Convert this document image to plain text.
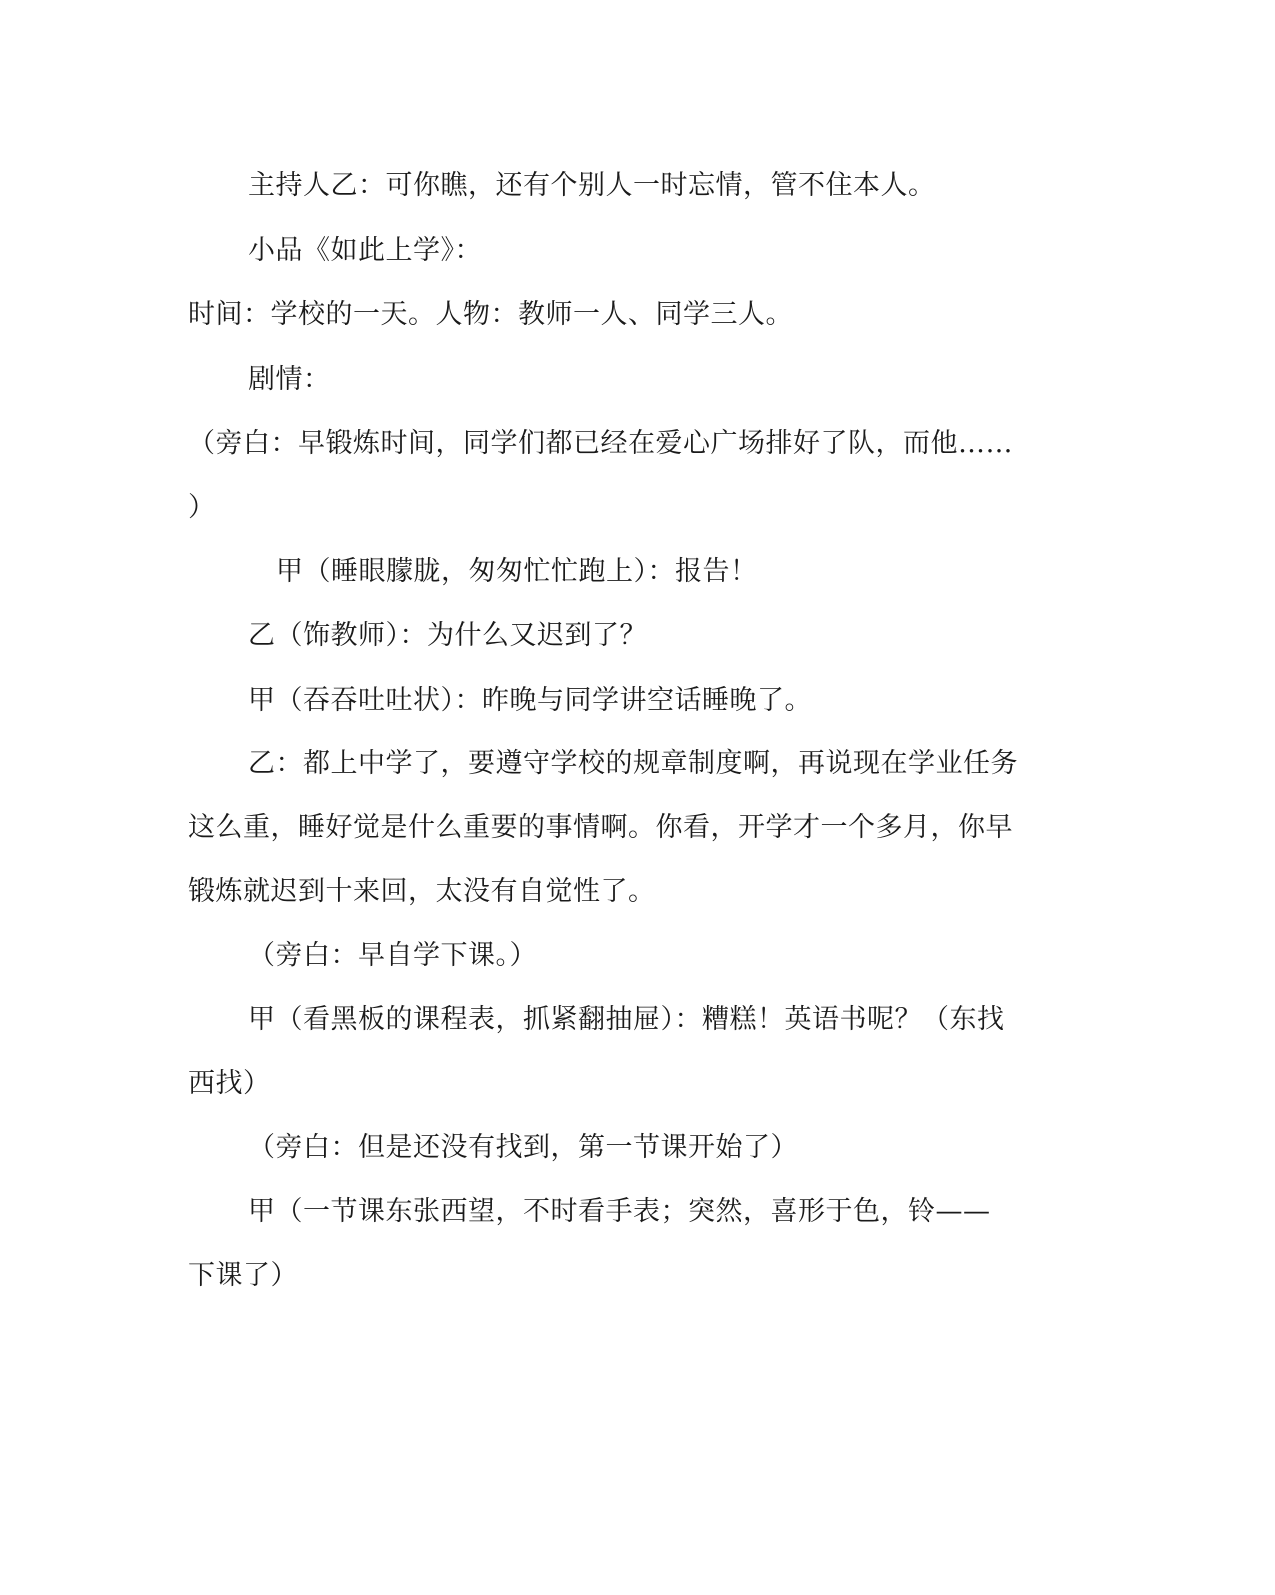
主持人乙：可你瞧，还有个别人一时忘情，管不住本人。
小品《如此上学》：
时间：学校的一天。人物：教师一人、同学三人。
剧情：
（旁白：早锻炼时间，同学们都已经在爱心广场排好了队，而他……
）
甲（睡眼朦胧，匆匆忙忙跑上）：报告！
乙（饰教师）：为什么又迟到了？
甲（吞吞吐吐状）：昨晚与同学讲空话睡晚了。
乙：都上中学了，要遵守学校的规章制度啊，再说现在学业任务
这么重，睡好觉是什么重要的事情啊。你看，开学才一个多月，你早
锻炼就迟到十来回，太没有自觉性了。
（旁白：早自学下课。）
甲（看黑板的课程表，抓紧翻抽屉）：糟糕！英语书呢？（东找
西找）
（旁白：但是还没有找到，第一节课开始了）
甲（一节课东张西望，不时看手表；突然，喜形于色，铃——
下课了）
